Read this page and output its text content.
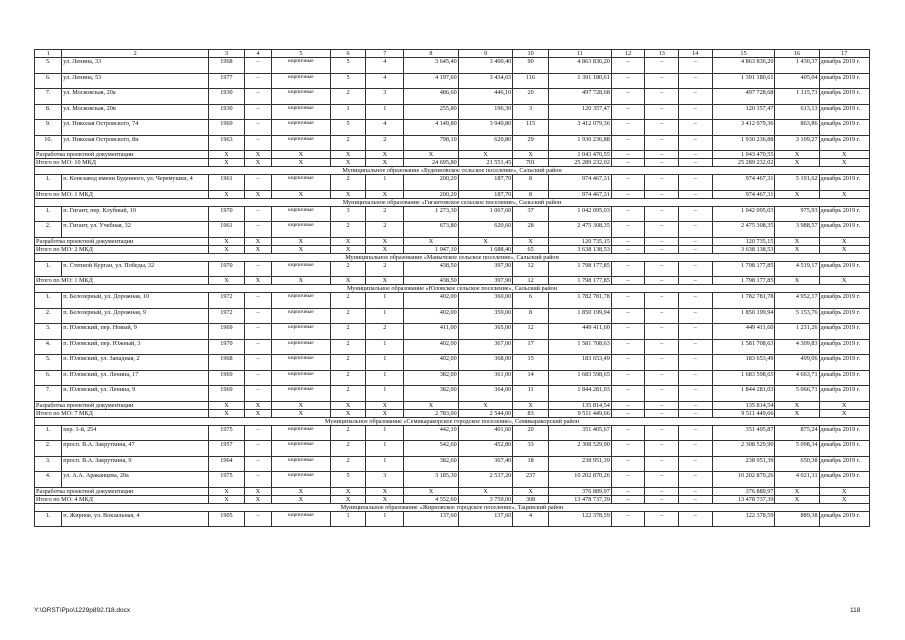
1	2	3	4	5	6	7	8	9	10	11	12	13	14	15	16	17
5.	ул. Ленина, 33	1968	–	кирпичные	5	4	3 645,40	3 400,40	90	4 863 836,20	–	–	–	4 863 836,20	1 430,37	декабрь 2019 г.
6.	ул. Ленина, 53	1977	–	кирпичные	5	4	4 197,60	3 434,65	116	1 391 180,61	–	–	–	1 391 180,61	405,04	декабрь 2019 г.
7.	ул. Московская, 20а	1930	–	кирпичные	2	3	486,60	446,10	20	497 728,68	–	–	–	497 728,68	1 115,73	декабрь 2019 г.
8.	ул. Московская, 20в	1930	–	кирпичные	1	1	255,80	196,30	3	120 357,47	–	–	–	120 357,47	613,13	декабрь 2019 г.
9.	ул. Николая Островского, 74	1969	–	кирпичные	5	4	4 149,80	3 949,80	115	3 412 079,36	–	–	–	3 412 079,36	863,86	декабрь 2019 г.
10.	ул. Николая Островского, 8н	1963	–	кирпичные	2	2	798,10	620,80	29	1 930 236,88	–	–	–	1 930 236,88	3 109,27	декабрь 2019 г.
Разработка проектной документации		X	X	X	X	X	X	X	X	1 043 470,55	–	–	–	1 043 470,55	X	X
Итого по МО: 10 МКД		X	X	X	X	X	24 695,80	21 551,45	701	25 289 232,02	–	–	–	25 289 232,02	X	X
Муниципальное образование «Буденновское сельское поселение», Сальский район																
1.	п. Конезавод имени Буденного, ул. Черемушки, 4	1961	–	кирпичные	2	1	200,20	187,70	8	974 467,31	–	–	–	974 467,31	5 191,62	декабрь 2019 г.
Итого по МО: 1 МКД		X	X	X	X	X	200,20	187,70	8	974 467,31	–	–	–	974 467,31	X	X
Муниципальное образование «Гигантовское сельское поселение», Сальский район																
1.	п. Гигант, пер. Клубный, 10	1970	–	кирпичные	3	2	1 273,30	1 067,60	37	1 042 095,03	–	–	–	1 042 095,03	975,93	декабрь 2019 г.
2.	п. Гигант, ул. Учебная, 32	1961	–	кирпичные	2	2	673,80	620,60	28	2 475 308,35	–	–	–	2 475 308,35	3 988,57	декабрь 2019 г.
Разработка проектной документации		X	X	X	X	X	X	X	X	120 735,15	–	–	–	120 735,15	X	X
Итого по МО: 2 МКД		X	X	X	X	X	1 947,10	1 688,40	65	3 638 138,53	–	–	–	3 638 138,53	X	X
Муниципальное образование «Манычское сельское поселение», Сальский район																
1.	п. Степной Курган, ул. Победы, 32	1970	–	кирпичные	2	2	438,50	397,90	12	1 798 177,85	–	–	–	1 798 177,85	4 519,17	декабрь 2019 г.
Итого по МО: 1 МКД		X	X	X	X	X	438,50	397,90	12	1 798 177,85	–	–	–	1 798 177,85	X	X
Муниципальное образование «Юловское сельское поселение», Сальский район																
1.	п. Белозерный, ул. Дорожная, 10	1972	–	кирпичные	2	1	402,00	360,00	6	1 782 781,78	–	–	–	1 782 781,78	4 952,17	декабрь 2019 г.
2.	п. Белозерный, ул. Дорожная, 9	1972	–	кирпичные	2	1	402,00	359,00	8	1 850 199,94	–	–	–	1 850 199,94	5 153,76	декабрь 2019 г.
3.	п. Юловский, пер. Новый, 9	1969	–	кирпичные	2	2	411,00	365,00	12	449 411,60	–	–	–	449 411,60	1 231,26	декабрь 2019 г.
4.	п. Юловский, пер. Южный, 3	1970	–	кирпичные	2	1	402,00	367,00	17	1 581 708,63	–	–	–	1 581 708,63	4 309,83	декабрь 2019 г.
5.	п. Юловский, ул. Западная, 2	1968	–	кирпичные	2	1	402,00	368,00	15	183 653,49	–	–	–	183 653,49	499,06	декабрь 2019 г.
6.	п. Юловский, ул. Ленина, 17	1969	–	кирпичные	2	1	382,00	361,00	14	1 683 598,65	–	–	–	1 683 598,65	4 663,71	декабрь 2019 г.
7.	п. Юловский, ул. Ленина, 9	1969	–	кирпичные	2	1	382,00	364,00	11	1 844 281,03	–	–	–	1 844 281,03	5 066,71	декабрь 2019 г.
Разработка проектной документации		X	X	X	X	X	X	X	X	135 814,54	–	–	–	135 814,54	X	X
Итого по МО: 7 МКД		X	X	X	X	X	2 783,00	2 544,00	83	9 511 449,66	–	–	–	9 511 449,66	X	X
Муниципальное образование «Семикаракорское городское поселение», Семикаракорский район																
1.	пер. 1-й, 254	1975	–	кирпичные	2	1	442,10	401,60	20	351 405,67	–	–	–	351 495,87	875,24	декабрь 2019 г.
2.	просп. В.А. Закруткина, 47	1957	–	кирпичные	2	1	542,60	452,80	33	2 308 529,90	–	–	–	2 308 529,90	5 098,34	декабрь 2019 г.
3.	просп. В.А. Закруткина, 9	1964	–	кирпичные	2	1	382,60	367,40	18	238 951,39	–	–	–	238 951,39	650,38	декабрь 2019 г.
4.	ул. А.А. Араканцева, 20а	1975	–	кирпичные	5	3	3 185,30	2 537,20	237	10 202 870,26	–	–	–	10 202 870,26	4 021,31	декабрь 2019 г.
Разработка проектной документации		X	X	X	X	X	X	X	X	376 889,97	–	–	–	376 889,97	X	X
Итого по МО: 4 МКД		X	X	X	X	X	4 552,60	3 759,00	308	13 478 737,39	–	–	–	13 478 737,39	X	X
Муниципальное образование «Жирновское городское поселение», Тацинский район																
1.	п. Жирнов, ул. Вокзальная, 4	1905	–	кирпичные	1	1	137,60	137,60	4	122 378,59	–	–	–	122 378,59	889,38	декабрь 2019 г.
Y:\ORST\Ppo\1229p892.f18.docx	118
